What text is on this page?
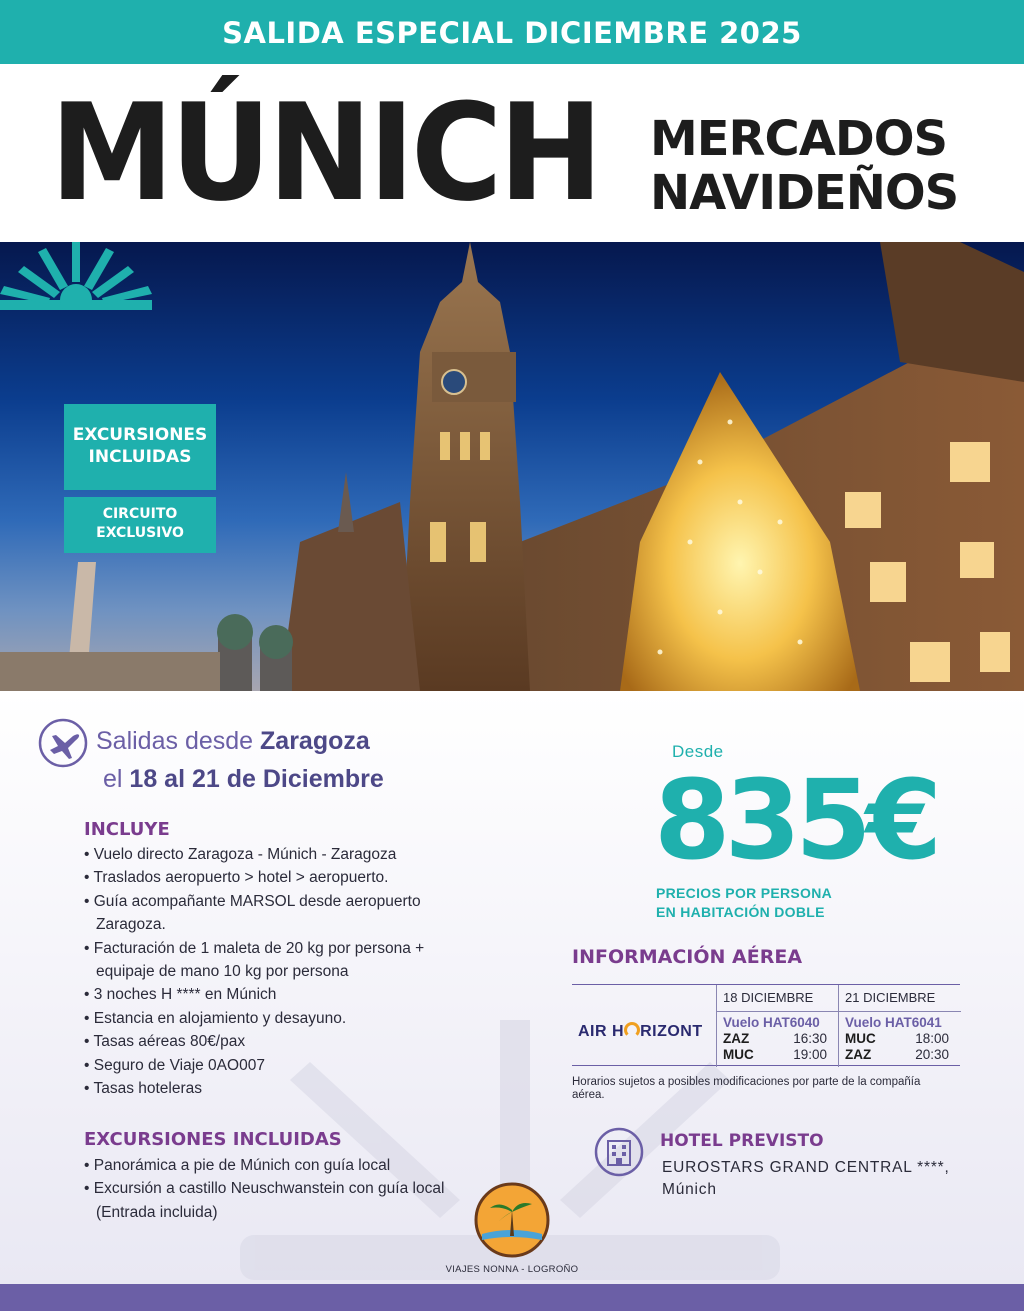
SALIDA ESPECIAL DICIEMBRE 2025
MÚNICH MERCADOS
NAVIDEÑOS
EXCURSIONES
INCLUIDAS
CIRCUITO
EXCLUSIVO
Salidas desde Zaragoza
el 18 al 21 de Diciembre
INCLUYE
• Vuelo directo Zaragoza - Múnich - Zaragoza
• Traslados aeropuerto > hotel > aeropuerto.
• Guía acompañante MARSOL desde aeropuerto Zaragoza.
• Facturación de 1 maleta de 20 kg por persona + equipaje de mano 10 kg por persona
• 3 noches H **** en Múnich
• Estancia en alojamiento y desayuno.
• Tasas aéreas 80€/pax
• Seguro de Viaje 0AO007
• Tasas hoteleras
EXCURSIONES INCLUIDAS
• Panorámica a pie de Múnich con guía local
• Excursión a castillo Neuschwanstein con guía local (Entrada incluida)
Desde
835€
PRECIOS POR PERSONA
EN HABITACIÓN DOBLE
INFORMACIÓN AÉREA
AIR H RIZONT
18 DICIEMBRE
Vuelo HAT6040
ZAZ	16:30
MUC	19:00
21 DICIEMBRE
Vuelo HAT6041
MUC	18:00
ZAZ	20:30
Horarios sujetos a posibles modificaciones por parte de la compañía aérea.
HOTEL PREVISTO
EUROSTARS GRAND CENTRAL ****,
Múnich
VIAJES NONNA - LOGROÑO
